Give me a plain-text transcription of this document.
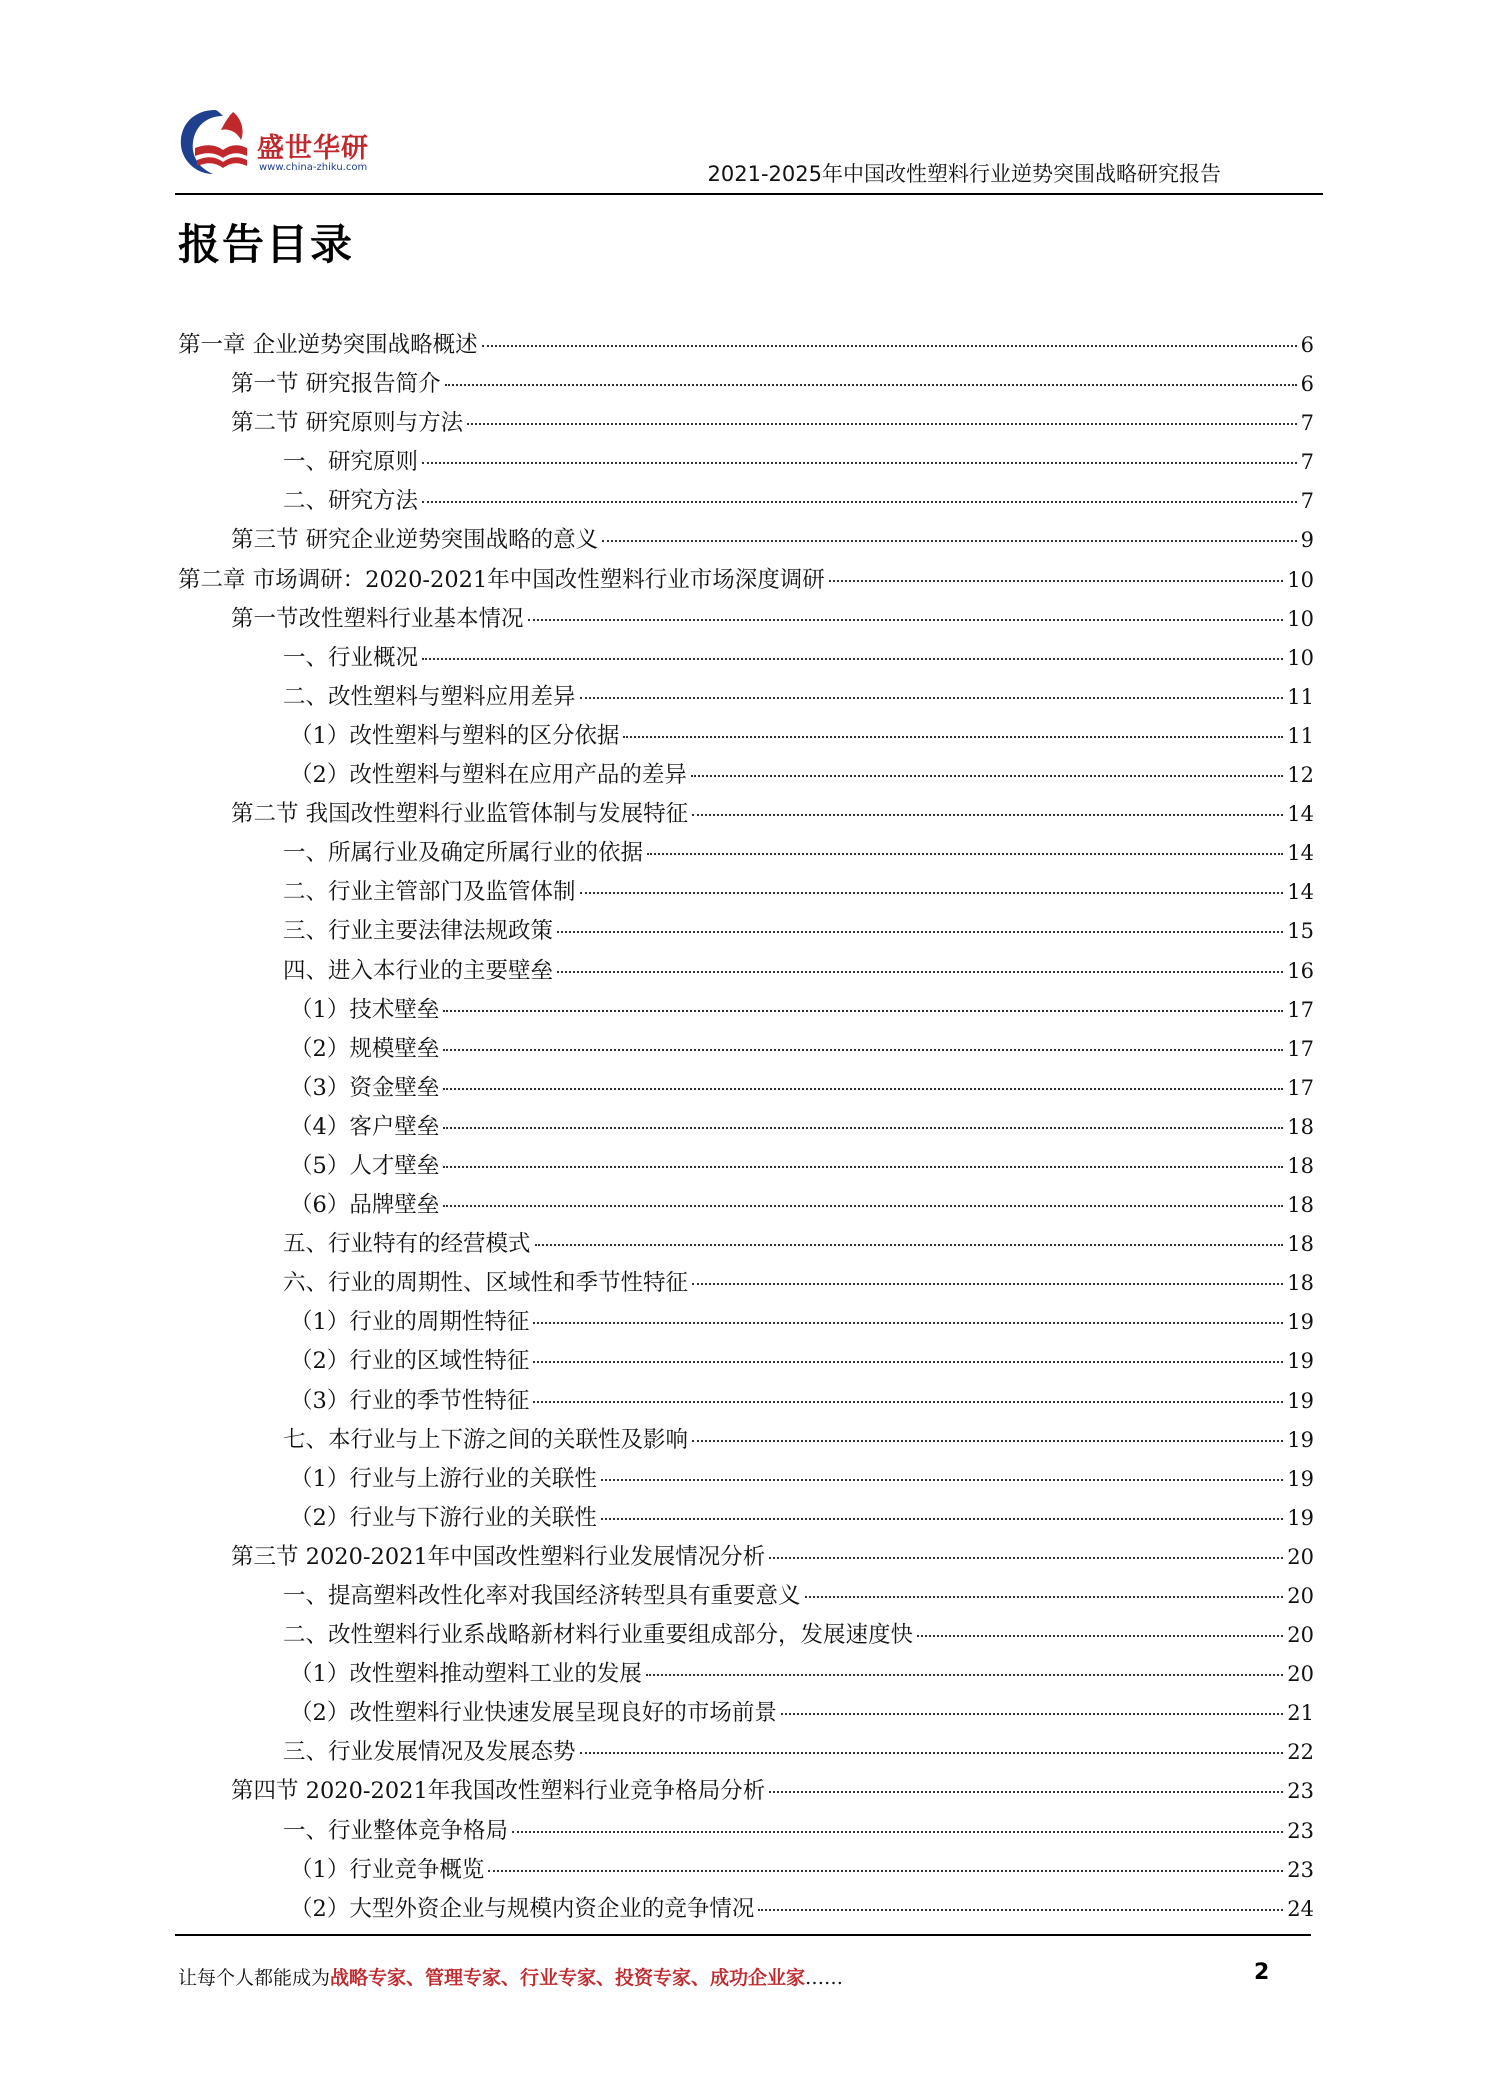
盛世华研
www.china-zhiku.com	2021-2025年中国改性塑料行业逆势突围战略研究报告
报告目录
第一章 企业逆势突围战略概述	6
第一节 研究报告简介	6
第二节 研究原则与方法	7
一、研究原则	7
二、研究方法	7
第三节 研究企业逆势突围战略的意义	9
第二章 市场调研：2020-2021年中国改性塑料行业市场深度调研	10
第一节改性塑料行业基本情况	10
一、行业概况	10
二、改性塑料与塑料应用差异	11
（1）改性塑料与塑料的区分依据	11
（2）改性塑料与塑料在应用产品的差异	12
第二节 我国改性塑料行业监管体制与发展特征	14
一、所属行业及确定所属行业的依据	14
二、行业主管部门及监管体制	14
三、行业主要法律法规政策	15
四、进入本行业的主要壁垒	16
（1）技术壁垒	17
（2）规模壁垒	17
（3）资金壁垒	17
（4）客户壁垒	18
（5）人才壁垒	18
（6）品牌壁垒	18
五、行业特有的经营模式	18
六、行业的周期性、区域性和季节性特征	18
（1）行业的周期性特征	19
（2）行业的区域性特征	19
（3）行业的季节性特征	19
七、本行业与上下游之间的关联性及影响	19
（1）行业与上游行业的关联性	19
（2）行业与下游行业的关联性	19
第三节 2020-2021年中国改性塑料行业发展情况分析	20
一、提高塑料改性化率对我国经济转型具有重要意义	20
二、改性塑料行业系战略新材料行业重要组成部分，发展速度快	20
（1）改性塑料推动塑料工业的发展	20
（2）改性塑料行业快速发展呈现良好的市场前景	21
三、行业发展情况及发展态势	22
第四节 2020-2021年我国改性塑料行业竞争格局分析	23
一、行业整体竞争格局	23
（1）行业竞争概览	23
（2）大型外资企业与规模内资企业的竞争情况	24
让每个人都能成为战略专家、管理专家、行业专家、投资专家、成功企业家……	2
